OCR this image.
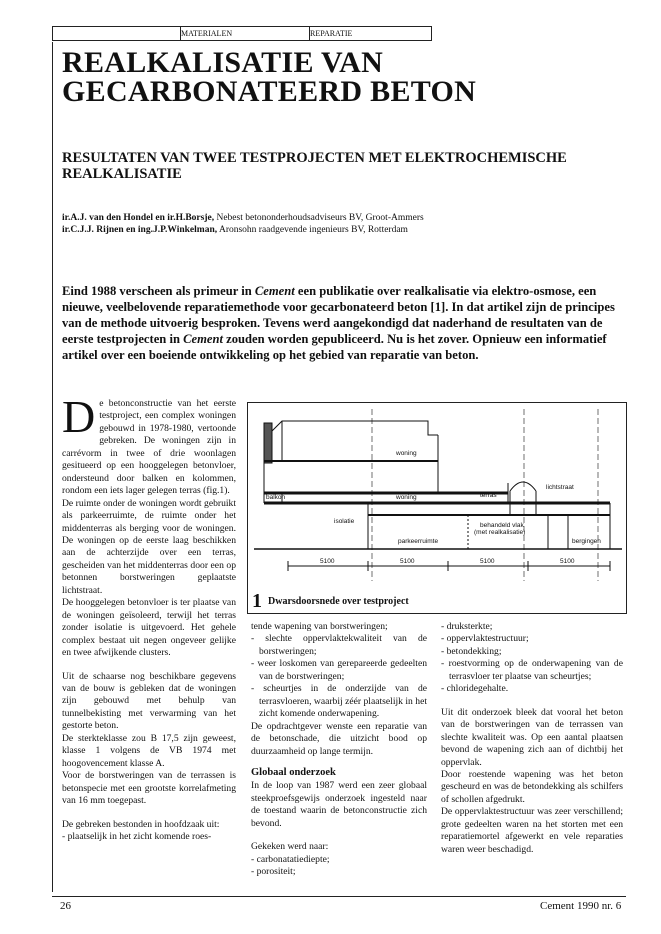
MATERIALEN	REPARATIE
REALKALISATIE VAN GECARBONATEERD BETON
RESULTATEN VAN TWEE TESTPROJECTEN MET ELEKTROCHEMISCHE REALKALISATIE
ir.A.J. van den Hondel en ir.H.Borsje, Nebest betononderhoudsadviseurs BV, Groot-Ammers
ir.C.J.J. Rijnen en ing.J.P.Winkelman, Aronsohn raadgevende ingenieurs BV, Rotterdam
Eind 1988 verscheen als primeur in Cement een publikatie over realkalisatie via elektro-osmose, een nieuwe, veelbelovende reparatiemethode voor gecarbonateerd beton [1]. In dat artikel zijn de principes van de methode uitvoerig besproken. Tevens werd aangekondigd dat naderhand de resultaten van de eerste testprojecten in Cement zouden worden gepubliceerd. Nu is het zover. Opnieuw een informatief artikel over een boeiende ontwikkeling op het gebied van reparatie van beton.

De betonconstructie van het eerste testproject, een complex woningen gebouwd in 1978-1980, vertoonde gebreken. De woningen zijn in carrévorm in twee of drie woonlagen gesitueerd op een hooggelegen betonvloer, ondersteund door balken en kolommen, rondom een iets lager gelegen terras (fig.1).

De ruimte onder de woningen wordt gebruikt als parkeerruimte, de ruimte onder het middenterras als berging voor de woningen. De woningen op de eerste laag beschikken aan de achterzijde over een terras, gescheiden van het middenterras door een op betonnen borstweringen geplaatste lichtstraat.

De hooggelegen betonvloer is ter plaatse van de woningen geïsoleerd, terwijl het terras zonder isolatie is uitgevoerd. Het gehele complex bestaat uit negen ongeveer gelijke en twee afwijkende clusters.

Uit de schaarse nog beschikbare gegevens van de bouw is gebleken dat de woningen zijn gebouwd met behulp van tunnelbekisting met verwarming van het gestorte beton.

De sterkteklasse zou B 17,5 zijn geweest, klasse 1 volgens de VB 1974 met hoogovencement klasse A.

Voor de borstweringen van de terrassen is betonspecie met een grootste korrelafmeting van 16 mm toegepast.

De gebreken bestonden in hoofdzaak uit:

- plaatselijk in het zicht komende roes-

woning
woning
balkon	terras
lichtstraat
isolatie
behandeld vlak
(met realkalisatie)
parkeerruimte	bergingen
5100	5100	5100	5100
1 Dwarsdoorsnede over testproject

tende wapening van borstweringen;

- slechte oppervlaktekwaliteit van de borstweringen;
- weer loskomen van gerepareerde gedeelten van de borstweringen;
- scheurtjes in de onderzijde van de terrasvloeren, waarbij zéér plaatselijk in het zicht komende onderwapening.

De opdrachtgever wenste een reparatie van de betonschade, die uitzicht bood op duurzaamheid op lange termijn.

Globaal onderzoek

In de loop van 1987 werd een zeer globaal steekproefsgewijs onderzoek ingesteld naar de toestand waarin de betonconstructie zich bevond.

Gekeken werd naar:

- carbonatatiediepte;
- porositeit;
- druksterkte;
- oppervlaktestructuur;
- betondekking;
- roestvorming op de onderwapening van de terrasvloer ter plaatse van scheurtjes;
- chloridegehalte.

Uit dit onderzoek bleek dat vooral het beton van de borstweringen van de terrassen van slechte kwaliteit was. Op een aantal plaatsen bevond de wapening zich aan of dichtbij het oppervlak.

Door roestende wapening was het beton gescheurd en was de betondekking als schilfers of schollen afgedrukt.

De oppervlaktestructuur was zeer verschillend; grote gedeelten waren na het storten met een reparatiemortel afgewerkt en vele reparaties waren weer beschadigd.

26	Cement 1990 nr. 6
